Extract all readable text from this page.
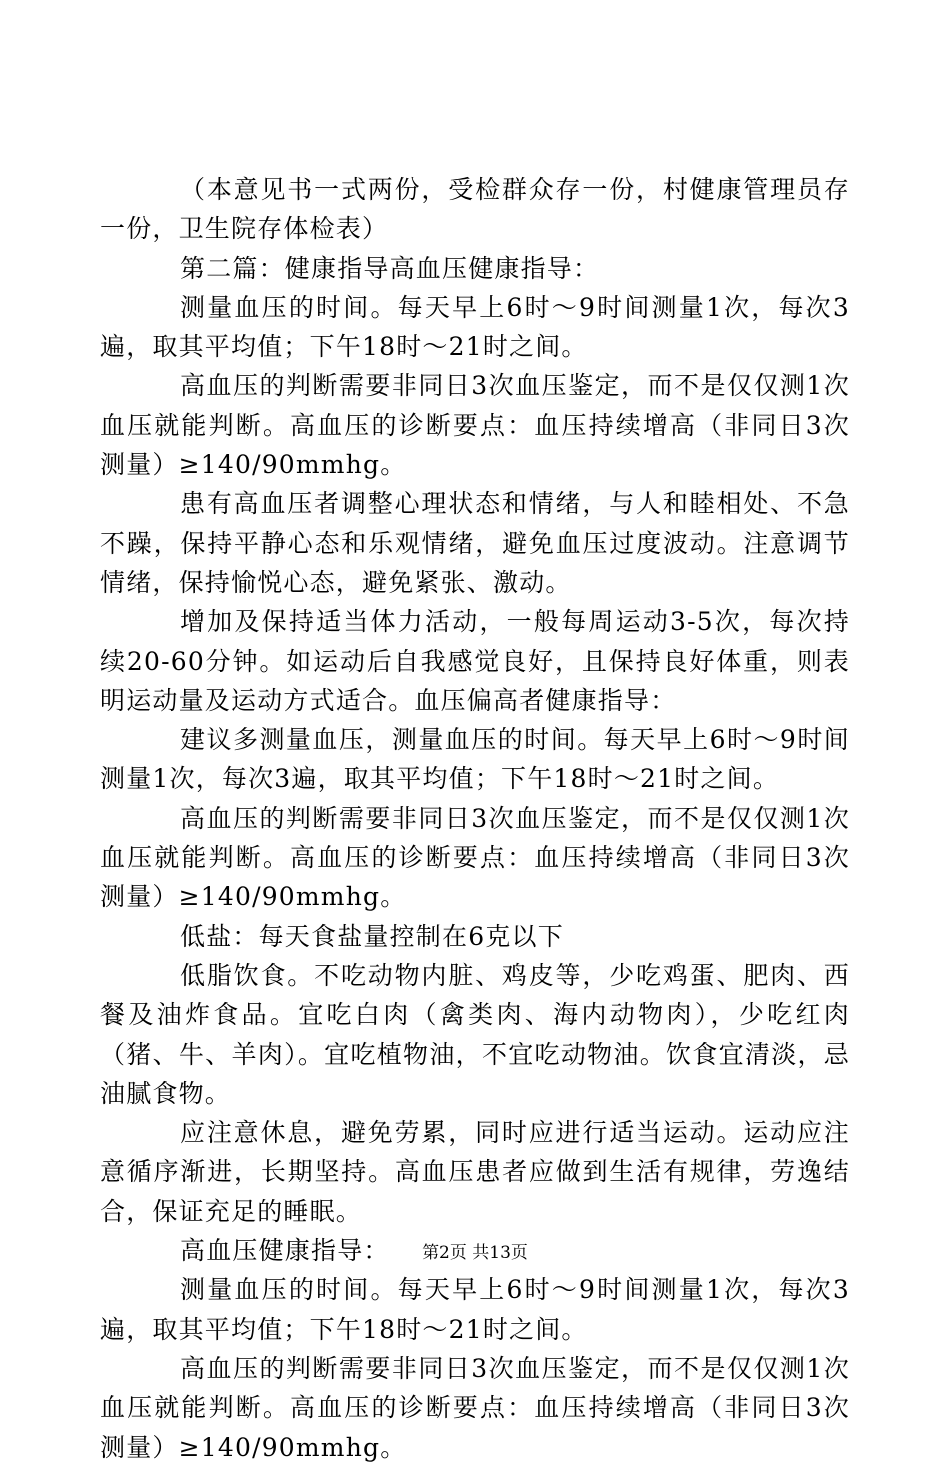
（本意见书一式两份，受检群众存一份，村健康管理员存一份，卫生院存体检表）

第二篇：健康指导高血压健康指导：

测量血压的时间。每天早上6时～9时间测量1次，每次3遍，取其平均值；下午18时～21时之间。

高血压的判断需要非同日3次血压鉴定，而不是仅仅测1次血压就能判断。高血压的诊断要点：血压持续增高（非同日3次测量）≥140/90mmhg。

患有高血压者调整心理状态和情绪，与人和睦相处、不急不躁，保持平静心态和乐观情绪，避免血压过度波动。注意调节情绪，保持愉悦心态，避免紧张、激动。

增加及保持适当体力活动，一般每周运动3-5次，每次持续20-60分钟。如运动后自我感觉良好，且保持良好体重，则表明运动量及运动方式适合。血压偏高者健康指导：

建议多测量血压，测量血压的时间。每天早上6时～9时间测量1次，每次3遍，取其平均值；下午18时～21时之间。

高血压的判断需要非同日3次血压鉴定，而不是仅仅测1次血压就能判断。高血压的诊断要点：血压持续增高（非同日3次测量）≥140/90mmhg。

低盐：每天食盐量控制在6克以下

低脂饮食。不吃动物内脏、鸡皮等，少吃鸡蛋、肥肉、西餐及油炸食品。宜吃白肉（禽类肉、海内动物肉），少吃红肉（猪、牛、羊肉）。宜吃植物油，不宜吃动物油。饮食宜清淡，忌油腻食物。

应注意休息，避免劳累，同时应进行适当运动。运动应注意循序渐进，长期坚持。高血压患者应做到生活有规律，劳逸结合，保证充足的睡眠。

高血压健康指导：

测量血压的时间。每天早上6时～9时间测量1次，每次3遍，取其平均值；下午18时～21时之间。

高血压的判断需要非同日3次血压鉴定，而不是仅仅测1次血压就能判断。高血压的诊断要点：血压持续增高（非同日3次测量）≥140/90mmhg。

第2页 共13页
